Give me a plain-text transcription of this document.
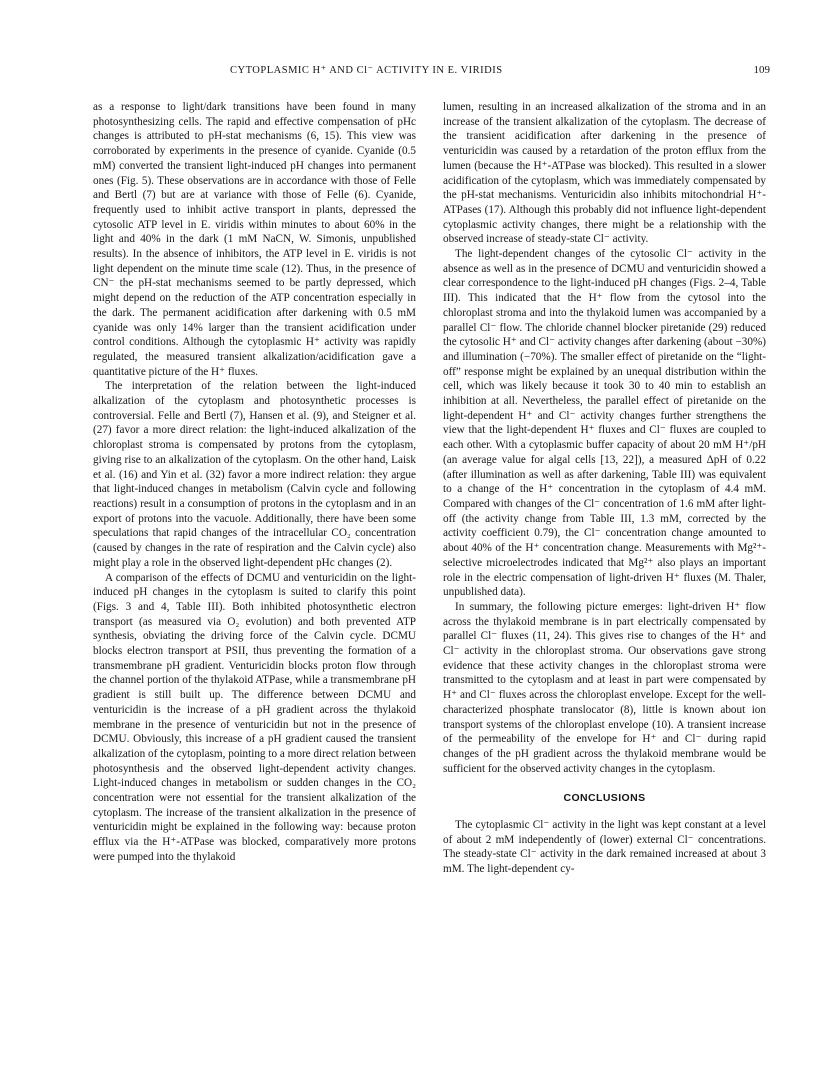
CYTOPLASMIC H⁺ AND Cl⁻ ACTIVITY IN E. VIRIDIS	109

as a response to light/dark transitions have been found in many photosynthesizing cells. The rapid and effective compensation of pHc changes is attributed to pH-stat mechanisms (6, 15). This view was corroborated by experiments in the presence of cyanide. Cyanide (0.5 mM) converted the transient light-induced pH changes into permanent ones (Fig. 5). These observations are in accordance with those of Felle and Bertl (7) but are at variance with those of Felle (6). Cyanide, frequently used to inhibit active transport in plants, depressed the cytosolic ATP level in E. viridis within minutes to about 60% in the light and 40% in the dark (1 mM NaCN, W. Simonis, unpublished results). In the absence of inhibitors, the ATP level in E. viridis is not light dependent on the minute time scale (12). Thus, in the presence of CN⁻ the pH-stat mechanisms seemed to be partly depressed, which might depend on the reduction of the ATP concentration especially in the dark. The permanent acidification after darkening with 0.5 mM cyanide was only 14% larger than the transient acidification under control conditions. Although the cytoplasmic H⁺ activity was rapidly regulated, the measured transient alkalization/acidification gave a quantitative picture of the H⁺ fluxes.

The interpretation of the relation between the light-induced alkalization of the cytoplasm and photosynthetic processes is controversial. Felle and Bertl (7), Hansen et al. (9), and Steigner et al. (27) favor a more direct relation: the light-induced alkalization of the chloroplast stroma is compensated by protons from the cytoplasm, giving rise to an alkalization of the cytoplasm. On the other hand, Laisk et al. (16) and Yin et al. (32) favor a more indirect relation: they argue that light-induced changes in metabolism (Calvin cycle and following reactions) result in a consumption of protons in the cytoplasm and in an export of protons into the vacuole. Additionally, there have been some speculations that rapid changes of the intracellular CO₂ concentration (caused by changes in the rate of respiration and the Calvin cycle) also might play a role in the observed light-dependent pHc changes (2).

A comparison of the effects of DCMU and venturicidin on the light-induced pH changes in the cytoplasm is suited to clarify this point (Figs. 3 and 4, Table III). Both inhibited photosynthetic electron transport (as measured via O₂ evolution) and both prevented ATP synthesis, obviating the driving force of the Calvin cycle. DCMU blocks electron transport at PSII, thus preventing the formation of a transmembrane pH gradient. Venturicidin blocks proton flow through the channel portion of the thylakoid ATPase, while a transmembrane pH gradient is still built up. The difference between DCMU and venturicidin is the increase of a pH gradient across the thylakoid membrane in the presence of venturicidin but not in the presence of DCMU. Obviously, this increase of a pH gradient caused the transient alkalization of the cytoplasm, pointing to a more direct relation between photosynthesis and the observed light-dependent activity changes. Light-induced changes in metabolism or sudden changes in the CO₂ concentration were not essential for the transient alkalization of the cytoplasm. The increase of the transient alkalization in the presence of venturicidin might be explained in the following way: because proton efflux via the H⁺-ATPase was blocked, comparatively more protons were pumped into the thylakoid

lumen, resulting in an increased alkalization of the stroma and in an increase of the transient alkalization of the cytoplasm. The decrease of the transient acidification after darkening in the presence of venturicidin was caused by a retardation of the proton efflux from the lumen (because the H⁺-ATPase was blocked). This resulted in a slower acidification of the cytoplasm, which was immediately compensated by the pH-stat mechanisms. Venturicidin also inhibits mitochondrial H⁺-ATPases (17). Although this probably did not influence light-dependent cytoplasmic activity changes, there might be a relationship with the observed increase of steady-state Cl⁻ activity.

The light-dependent changes of the cytosolic Cl⁻ activity in the absence as well as in the presence of DCMU and venturicidin showed a clear correspondence to the light-induced pH changes (Figs. 2–4, Table III). This indicated that the H⁺ flow from the cytosol into the chloroplast stroma and into the thylakoid lumen was accompanied by a parallel Cl⁻ flow. The chloride channel blocker piretanide (29) reduced the cytosolic H⁺ and Cl⁻ activity changes after darkening (about −30%) and illumination (−70%). The smaller effect of piretanide on the “light-off” response might be explained by an unequal distribution within the cell, which was likely because it took 30 to 40 min to establish an inhibition at all. Nevertheless, the parallel effect of piretanide on the light-dependent H⁺ and Cl⁻ activity changes further strengthens the view that the light-dependent H⁺ fluxes and Cl⁻ fluxes are coupled to each other. With a cytoplasmic buffer capacity of about 20 mM H⁺/pH (an average value for algal cells [13, 22]), a measured ΔpH of 0.22 (after illumination as well as after darkening, Table III) was equivalent to a change of the H⁺ concentration in the cytoplasm of 4.4 mM. Compared with changes of the Cl⁻ concentration of 1.6 mM after light-off (the activity change from Table III, 1.3 mM, corrected by the activity coefficient 0.79), the Cl⁻ concentration change amounted to about 40% of the H⁺ concentration change. Measurements with Mg²⁺-selective microelectrodes indicated that Mg²⁺ also plays an important role in the electric compensation of light-driven H⁺ fluxes (M. Thaler, unpublished data).

In summary, the following picture emerges: light-driven H⁺ flow across the thylakoid membrane is in part electrically compensated by parallel Cl⁻ fluxes (11, 24). This gives rise to changes of the H⁺ and Cl⁻ activity in the chloroplast stroma. Our observations gave strong evidence that these activity changes in the chloroplast stroma were transmitted to the cytoplasm and at least in part were compensated by H⁺ and Cl⁻ fluxes across the chloroplast envelope. Except for the well-characterized phosphate translocator (8), little is known about ion transport systems of the chloroplast envelope (10). A transient increase of the permeability of the envelope for H⁺ and Cl⁻ during rapid changes of the pH gradient across the thylakoid membrane would be sufficient for the observed activity changes in the cytoplasm.

CONCLUSIONS

The cytoplasmic Cl⁻ activity in the light was kept constant at a level of about 2 mM independently of (lower) external Cl⁻ concentrations. The steady-state Cl⁻ activity in the dark remained increased at about 3 mM. The light-dependent cy-
